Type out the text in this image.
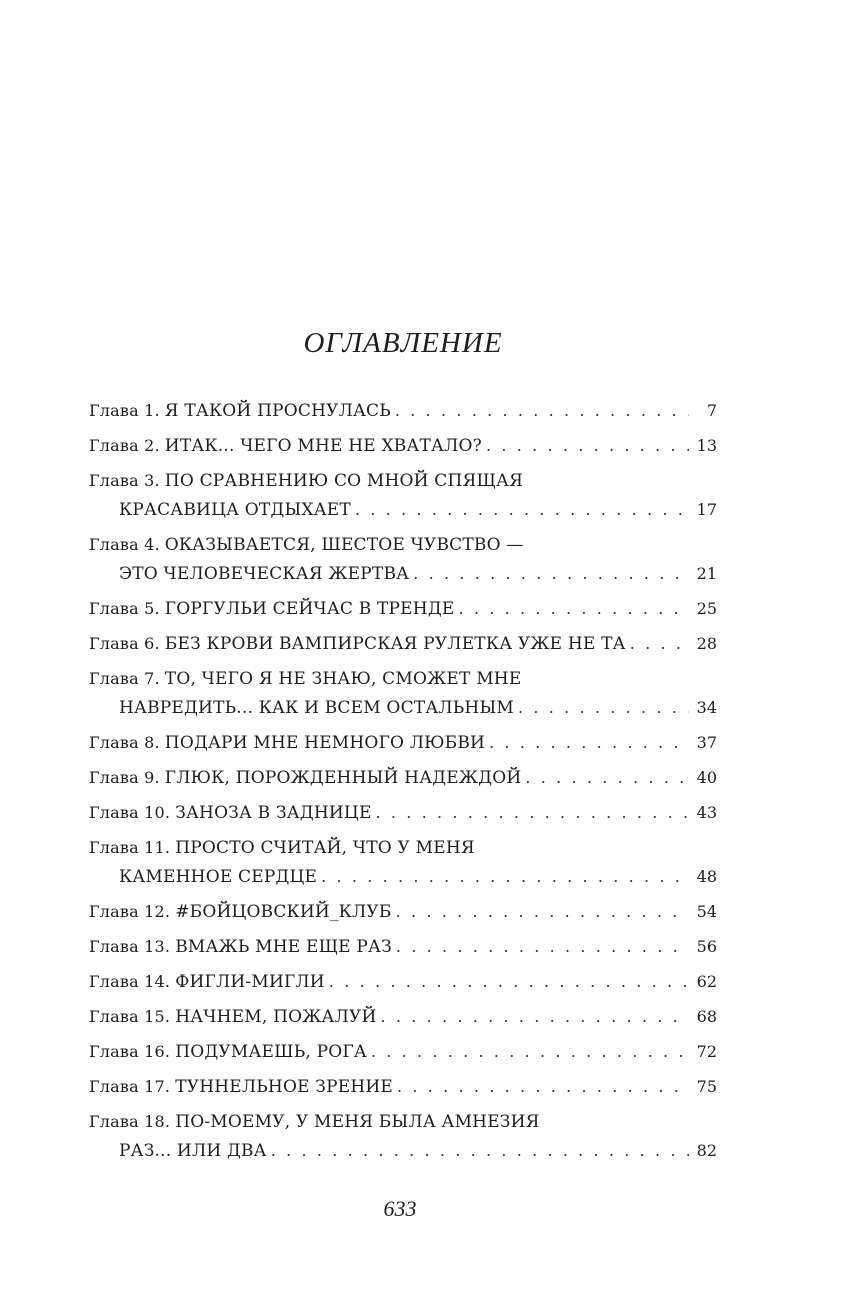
ОГЛАВЛЕНИЕ
Глава 1. Я ТАКОЙ ПРОСНУЛАСЬ . . .	7
Глава 2. ИТАК... ЧЕГО МНЕ НЕ ХВАТАЛО? . . .	13
Глава 3. ПО СРАВНЕНИЮ СО МНОЙ СПЯЩАЯ
КРАСАВИЦА ОТДЫХАЕТ . . .	17
Глава 4. ОКАЗЫВАЕТСЯ, ШЕСТОЕ ЧУВСТВО —
ЭТО ЧЕЛОВЕЧЕСКАЯ ЖЕРТВА . . .	21
Глава 5. ГОРГУЛЬИ СЕЙЧАС В ТРЕНДЕ . . .	25
Глава 6. БЕЗ КРОВИ ВАМПИРСКАЯ РУЛЕТКА УЖЕ НЕ ТА . . .	28
Глава 7. ТО, ЧЕГО Я НЕ ЗНАЮ, СМОЖЕТ МНЕ
НАВРЕДИТЬ... КАК И ВСЕМ ОСТАЛЬНЫМ . . .	34
Глава 8. ПОДАРИ МНЕ НЕМНОГО ЛЮБВИ . . .	37
Глава 9. ГЛЮК, ПОРОЖДЕННЫЙ НАДЕЖДОЙ . . .	40
Глава 10. ЗАНОЗА В ЗАДНИЦЕ . . .	43
Глава 11. ПРОСТО СЧИТАЙ, ЧТО У МЕНЯ
КАМЕННОЕ СЕРДЦЕ . . .	48
Глава 12. #БОЙЦОВСКИЙ_КЛУБ . . .	54
Глава 13. ВМАЖЬ МНЕ ЕЩЕ РАЗ . . .	56
Глава 14. ФИГЛИ-МИГЛИ . . .	62
Глава 15. НАЧНЕМ, ПОЖАЛУЙ . . .	68
Глава 16. ПОДУМАЕШЬ, РОГА . . .	72
Глава 17. ТУННЕЛЬНОЕ ЗРЕНИЕ . . .	75
Глава 18. ПО-МОЕМУ, У МЕНЯ БЫЛА АМНЕЗИЯ
РАЗ... ИЛИ ДВА . . .	82
633
